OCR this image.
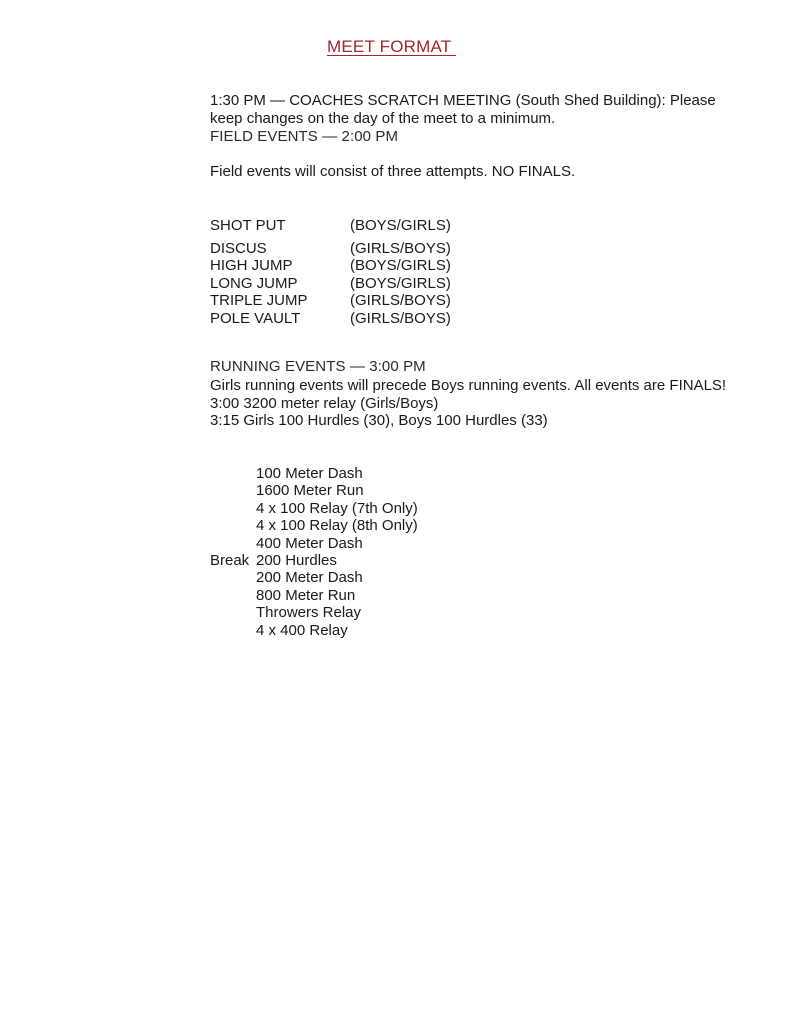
MEET FORMAT
1:30 PM — COACHES SCRATCH MEETING (South Shed Building): Please
keep changes on the day of the meet to a minimum.
FIELD EVENTS — 2:00 PM
Field events will consist of three attempts. NO FINALS.
SHOT PUT	(BOYS/GIRLS)
DISCUS	(GIRLS/BOYS)
HIGH JUMP	(BOYS/GIRLS)
LONG JUMP	(BOYS/GIRLS)
TRIPLE JUMP	(GIRLS/BOYS)
POLE VAULT	(GIRLS/BOYS)
RUNNING EVENTS — 3:00 PM
Girls running events will precede Boys running events. All events are FINALS!
3:00 3200 meter relay (Girls/Boys)
3:15 Girls 100 Hurdles (30), Boys 100 Hurdles (33)
100 Meter Dash
1600 Meter Run
4 x 100 Relay (7th Only)
4 x 100 Relay (8th Only)
400 Meter Dash
Break 200 Hurdles
200 Meter Dash
800 Meter Run
Throwers Relay
4 x 400 Relay
